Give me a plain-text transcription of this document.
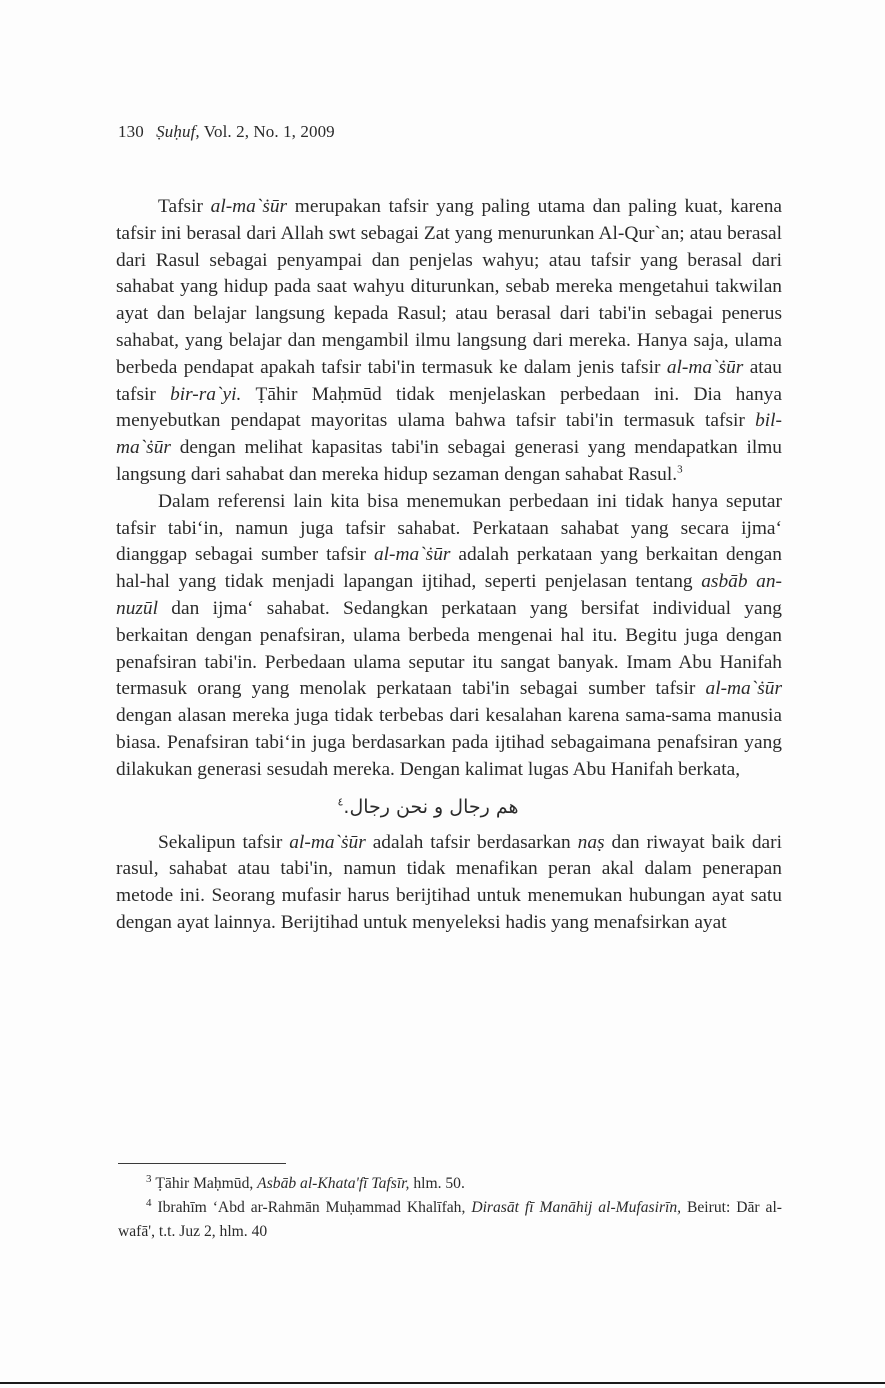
130 Ṣuḥuf, Vol. 2, No. 1, 2009

Tafsir al-ma`ṡūr merupakan tafsir yang paling utama dan paling kuat, karena tafsir ini berasal dari Allah swt sebagai Zat yang menurunkan Al-Qur`an; atau berasal dari Rasul sebagai penyampai dan penjelas wahyu; atau tafsir yang berasal dari sahabat yang hidup pada saat wahyu diturunkan, sebab mereka mengetahui takwilan ayat dan belajar langsung kepada Rasul; atau berasal dari tabi'in sebagai penerus sahabat, yang belajar dan mengambil ilmu langsung dari mereka. Hanya saja, ulama berbeda pendapat apakah tafsir tabi'in termasuk ke dalam jenis tafsir al-ma`ṡūr atau tafsir bir-ra`yi. Ṭāhir Maḥmūd tidak menjelaskan perbedaan ini. Dia hanya menyebutkan pendapat mayoritas ulama bahwa tafsir tabi'in termasuk tafsir bil-ma`ṡūr dengan melihat kapasitas tabi'in sebagai generasi yang mendapatkan ilmu langsung dari sahabat dan mereka hidup sezaman dengan sahabat Rasul.$^3$

Dalam referensi lain kita bisa menemukan perbedaan ini tidak hanya seputar tafsir tabi‘in, namun juga tafsir sahabat. Perkataan sahabat yang secara ijma‘ dianggap sebagai sumber tafsir al-ma`ṡūr adalah perkataan yang berkaitan dengan hal-hal yang tidak menjadi lapangan ijtihad, seperti penjelasan tentang asbāb an-nuzūl dan ijma‘ sahabat. Sedangkan perkataan yang bersifat individual yang berkaitan dengan penafsiran, ulama berbeda mengenai hal itu. Begitu juga dengan penafsiran tabi'in. Perbedaan ulama seputar itu sangat banyak. Imam Abu Hanifah termasuk orang yang menolak perkataan tabi'in sebagai sumber tafsir al-ma`ṡūr dengan alasan mereka juga tidak terbebas dari kesalahan karena sama-sama manusia biasa. Penafsiran tabi‘in juga berdasarkan pada ijtihad sebagaimana penafsiran yang dilakukan generasi sesudah mereka. Dengan kalimat lugas Abu Hanifah berkata,

هم رجال و نحن رجال.$^٤$

Sekalipun tafsir al-ma`ṡūr adalah tafsir berdasarkan naṣ dan riwayat baik dari rasul, sahabat atau tabi'in, namun tidak menafikan peran akal dalam penerapan metode ini. Seorang mufasir harus berijtihad untuk menemukan hubungan ayat satu dengan ayat lainnya. Berijtihad untuk menyeleksi hadis yang menafsirkan ayat

$^3$ Ṭāhir Maḥmūd, Asbāb al-Khata'fī Tafsīr, hlm. 50.

$^4$ Ibrahīm ‘Abd ar-Rahmān Muḥammad Khalīfah, Dirasāt fī Manāhij al-Mufasirīn, Beirut: Dār al-wafā', t.t. Juz 2, hlm. 40
